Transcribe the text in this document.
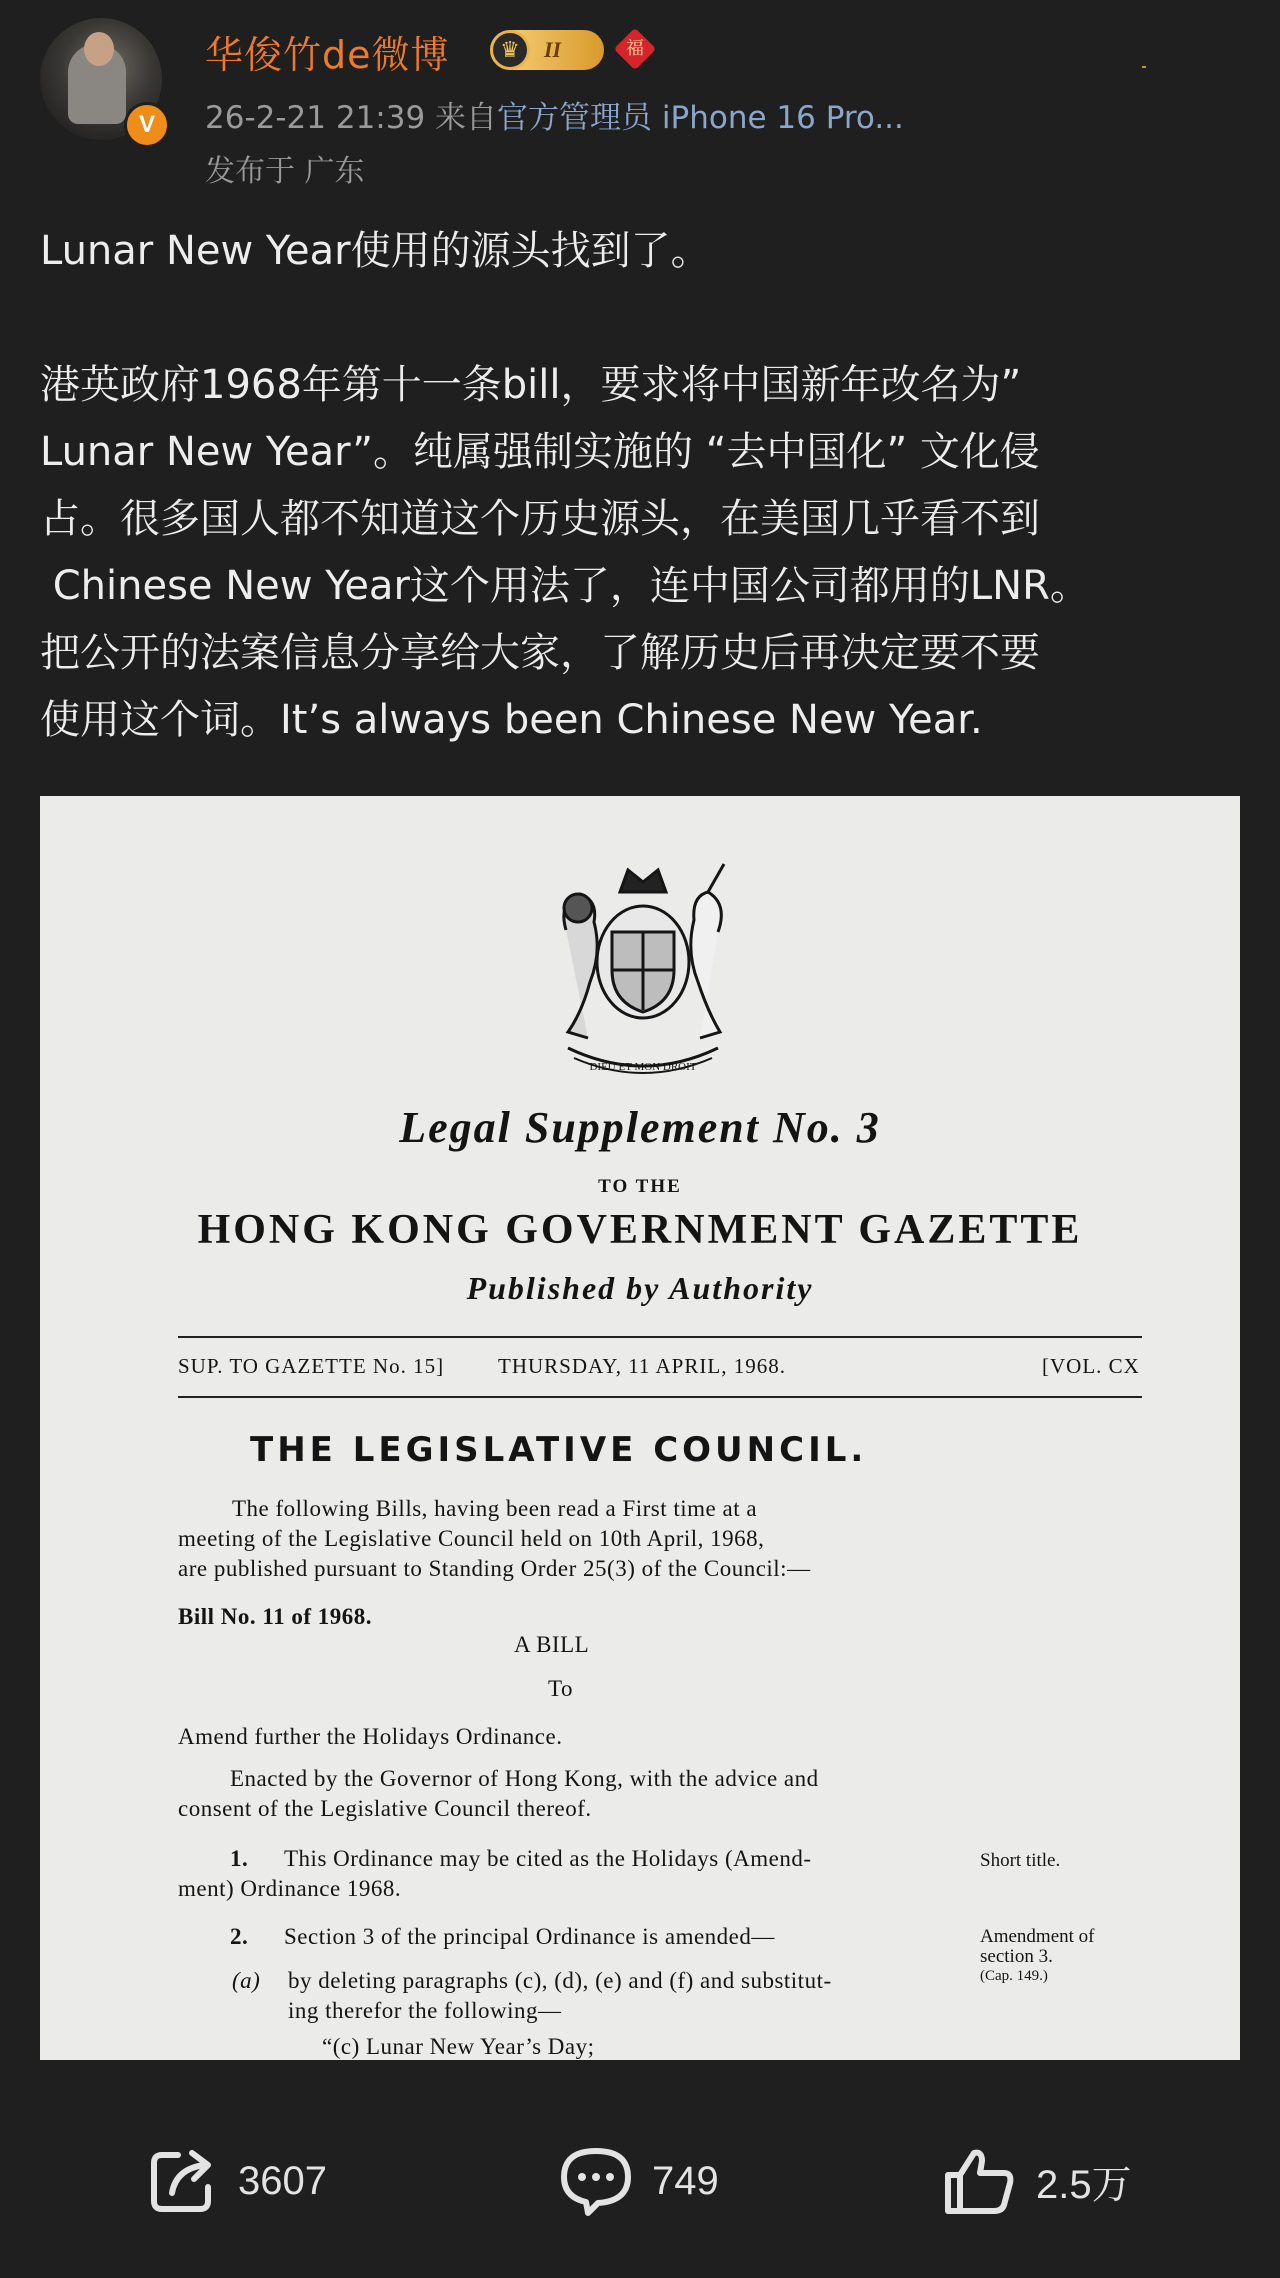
V
华俊竹de微博	♛	II	福
26-2-21 21:39 来自官方管理员 iPhone 16 Pro...
发布于 广东

Lunar New Year使用的源头找到了。

港英政府1968年第十一条bill，要求将中国新年改名为”

Lunar New Year”。纯属强制实施的 “去中国化” 文化侵

占。很多国人都不知道这个历史源头，在美国几乎看不到

Chinese New Year这个用法了，连中国公司都用的LNR。

把公开的法案信息分享给大家，了解历史后再决定要不要

使用这个词。It’s always been Chinese New Year.

DIEU ET MON DROIT
Legal Supplement No. 3
TO THE
HONG KONG GOVERNMENT GAZETTE
Published by Authority
SUP. TO GAZETTE No. 15]	THURSDAY, 11 APRIL, 1968.	[VOL. CX
THE LEGISLATIVE COUNCIL.
The following Bills, having been read a First time at a
meeting of the Legislative Council held on 10th April, 1968,
are published pursuant to Standing Order 25(3) of the Council:—
Bill No. 11 of 1968.
A BILL
To
Amend further the Holidays Ordinance.
Enacted by the Governor of Hong Kong, with the advice and
consent of the Legislative Council thereof.
1. This Ordinance may be cited as the Holidays (Amend-
ment) Ordinance 1968.
Short title.
2. Section 3 of the principal Ordinance is amended—	Amendment of
section 3.
(Cap. 149.)
(a) by deleting paragraphs (c), (d), (e) and (f) and substitut-
ing therefor the following—
“(c) Lunar New Year’s Day;
3607	749	2.5万
